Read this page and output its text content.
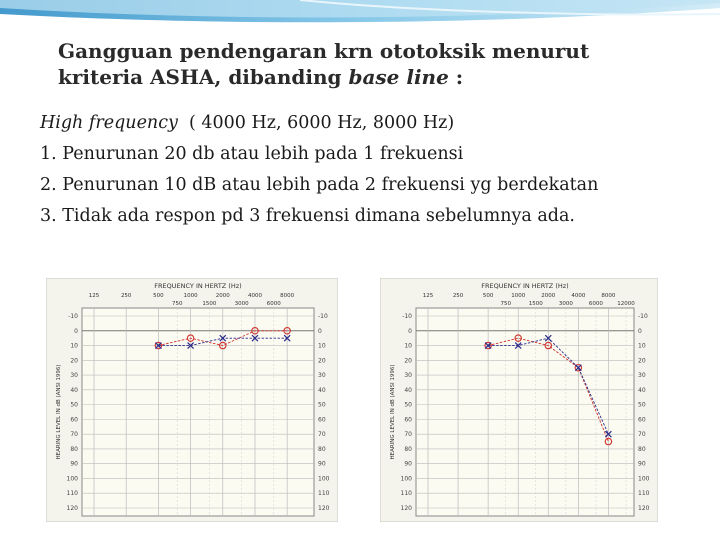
Gangguan pendengaran krn ototoksik menurut
kriteria ASHA, dibanding base line :
High frequency  ( 4000 Hz, 6000 Hz, 8000 Hz)
1. Penurunan 20 db atau lebih pada 1 frekuensi
2. Penurunan 10 dB atau lebih pada 2 frekuensi yg berdekatan
3. Tidak ada respon pd 3 frekuensi dimana sebelumnya ada.
FREQUENCY IN HERTZ (Hz)
HEARING LEVEL IN dB (ANSI 1996)
-10	-10
0	0
10	10
20	20
30	30
40	40
50	50
60	60
70	70
80	80
90	90
100	100
110	110
120	120
125	250	500	1000	2000	4000	8000
750	1500	3000	6000
FREQUENCY IN HERTZ (Hz)
HEARING LEVEL IN dB (ANSI 1996)
-10	-10
0	0
10	10
20	20
30	30
40	40
50	50
60	60
70	70
80	80
90	90
100	100
110	110
120	120
125	250	500	1000	2000	4000	8000
750	1500	3000	6000	12000
